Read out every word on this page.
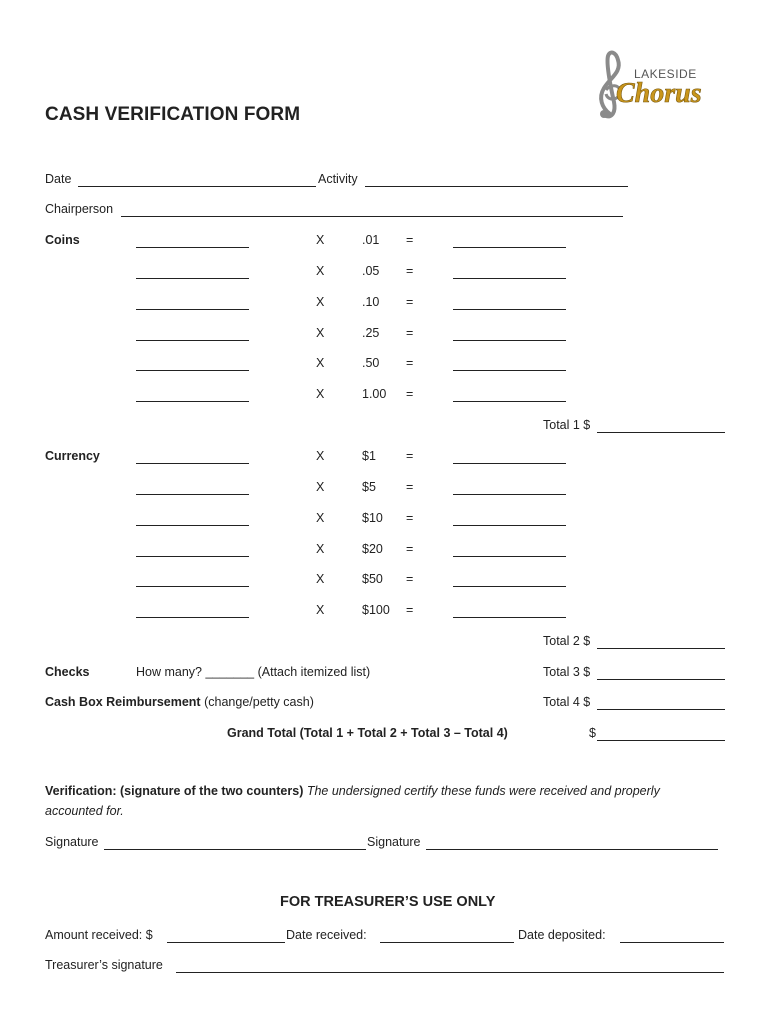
LAKESIDE
Chorus
CASH VERIFICATION FORM
Date	Activity
Chairperson
Coins	X	.01 =
X	.05 =
X	.10 =
X	.25 =
X	.50 =
X	1.00 =
Total 1 $
Currency	X	$1 =
X	$5 =
X	$10 =
X	$20 =
X	$50 =
X	$100 =
Total 2 $
Checks	How many? _______ (Attach itemized list)	Total 3 $
Cash Box Reimbursement (change/petty cash)	Total 4 $
Grand Total (Total 1 + Total 2 + Total 3 – Total 4)	$
Verification: (signature of the two counters) The undersigned certify these funds were received and properly
accounted for.
Signature	Signature
FOR TREASURER’S USE ONLY
Amount received: $	Date received:	Date deposited:
Treasurer’s signature
